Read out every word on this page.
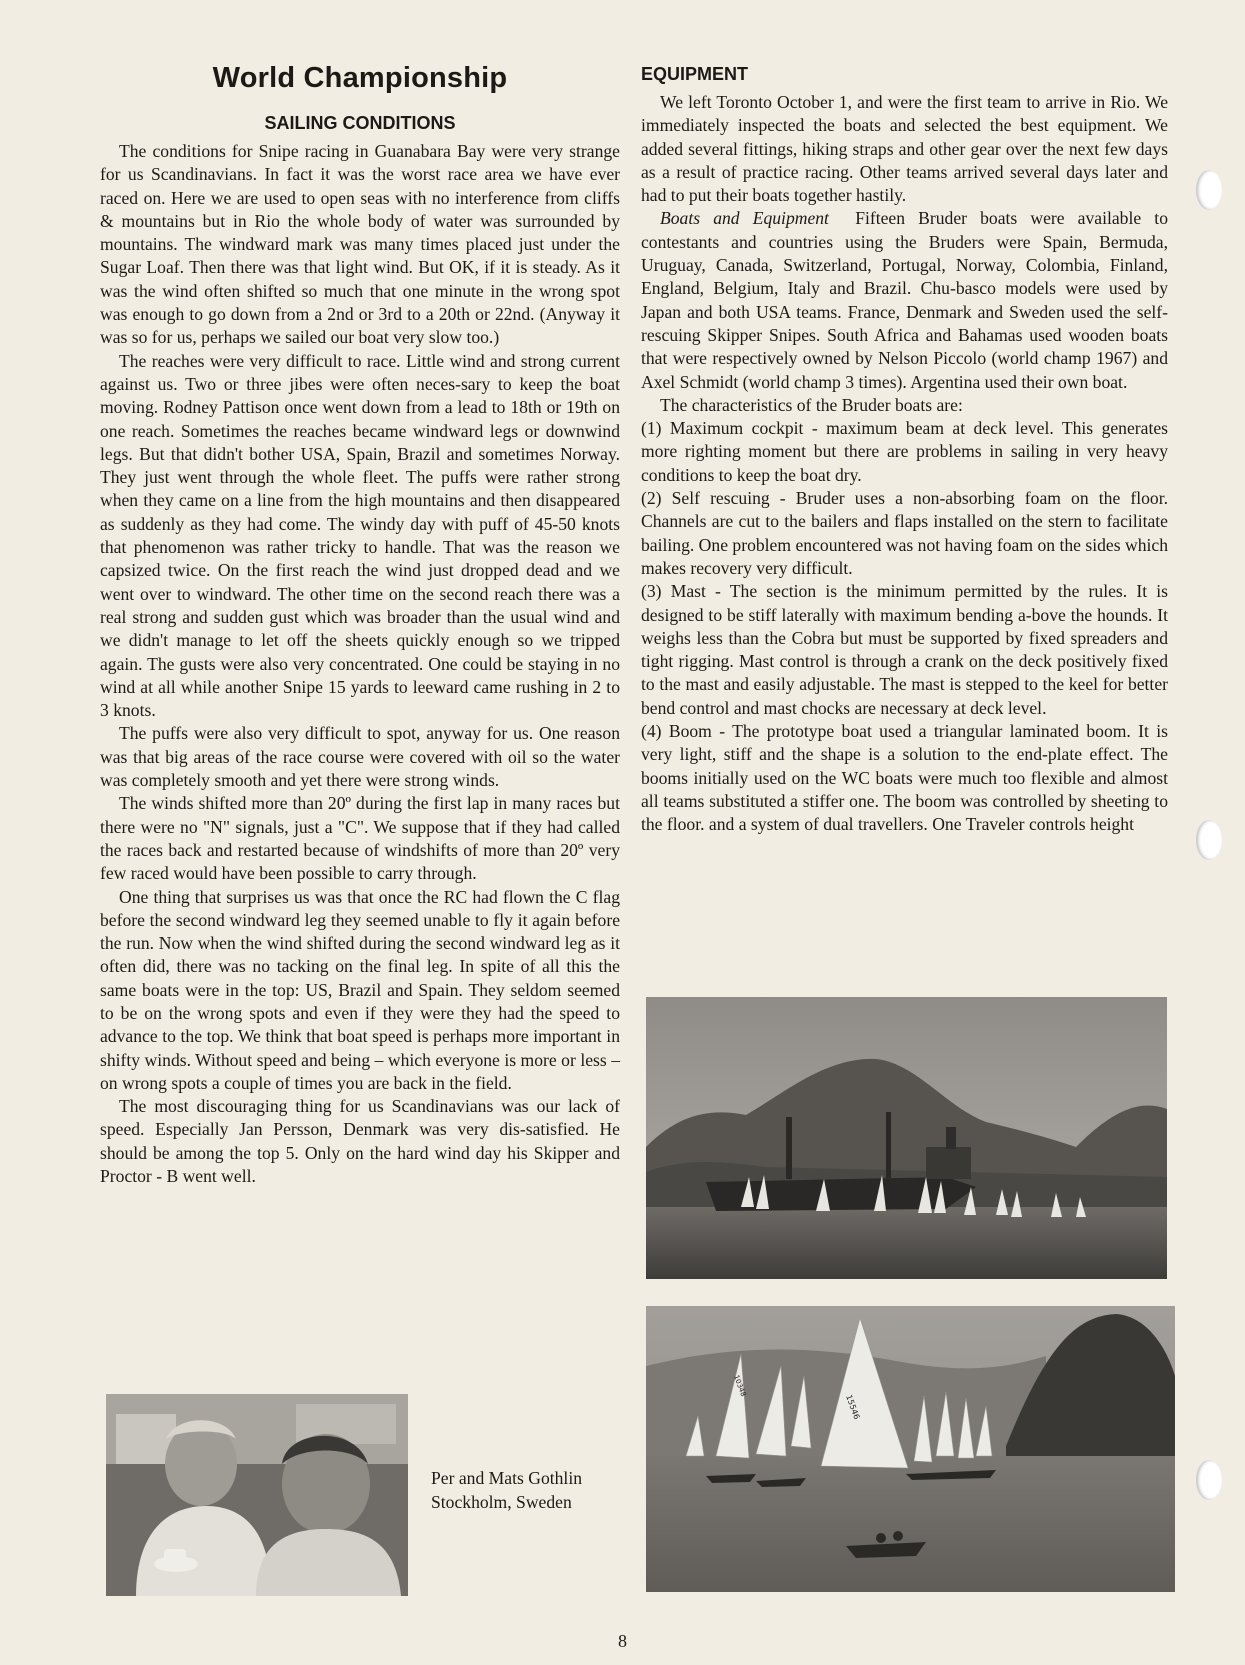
World Championship
SAILING CONDITIONS

The conditions for Snipe racing in Guanabara Bay were very strange for us Scandinavians. In fact it was the worst race area we have ever raced on. Here we are used to open seas with no interference from cliffs & mountains but in Rio the whole body of water was surrounded by mountains. The windward mark was many times placed just under the Sugar Loaf. Then there was that light wind. But OK, if it is steady. As it was the wind often shifted so much that one minute in the wrong spot was enough to go down from a 2nd or 3rd to a 20th or 22nd. (Anyway it was so for us, perhaps we sailed our boat very slow too.)

The reaches were very difficult to race. Little wind and strong current against us. Two or three jibes were often neces-sary to keep the boat moving. Rodney Pattison once went down from a lead to 18th or 19th on one reach. Sometimes the reaches became windward legs or downwind legs. But that didn't bother USA, Spain, Brazil and sometimes Norway. They just went through the whole fleet. The puffs were rather strong when they came on a line from the high mountains and then disappeared as suddenly as they had come. The windy day with puff of 45-50 knots that phenomenon was rather tricky to handle. That was the reason we capsized twice. On the first reach the wind just dropped dead and we went over to windward. The other time on the second reach there was a real strong and sudden gust which was broader than the usual wind and we didn't manage to let off the sheets quickly enough so we tripped again. The gusts were also very concentrated. One could be staying in no wind at all while another Snipe 15 yards to leeward came rushing in 2 to 3 knots.

The puffs were also very difficult to spot, anyway for us. One reason was that big areas of the race course were covered with oil so the water was completely smooth and yet there were strong winds.

The winds shifted more than 20º during the first lap in many races but there were no "N" signals, just a "C". We suppose that if they had called the races back and restarted because of windshifts of more than 20º very few raced would have been possible to carry through.

One thing that surprises us was that once the RC had flown the C flag before the second windward leg they seemed unable to fly it again before the run. Now when the wind shifted during the second windward leg as it often did, there was no tacking on the final leg. In spite of all this the same boats were in the top: US, Brazil and Spain. They seldom seemed to be on the wrong spots and even if they were they had the speed to advance to the top. We think that boat speed is perhaps more important in shifty winds. Without speed and being – which everyone is more or less – on wrong spots a couple of times you are back in the field.

The most discouraging thing for us Scandinavians was our lack of speed. Especially Jan Persson, Denmark was very dis-satisfied. He should be among the top 5. Only on the hard wind day his Skipper and Proctor - B went well.

EQUIPMENT

We left Toronto October 1, and were the first team to arrive in Rio. We immediately inspected the boats and selected the best equipment. We added several fittings, hiking straps and other gear over the next few days as a result of practice racing. Other teams arrived several days later and had to put their boats together hastily.

Boats and Equipment Fifteen Bruder boats were available to contestants and countries using the Bruders were Spain, Bermuda, Uruguay, Canada, Switzerland, Portugal, Norway, Colombia, Finland, England, Belgium, Italy and Brazil. Chu-basco models were used by Japan and both USA teams. France, Denmark and Sweden used the self-rescuing Skipper Snipes. South Africa and Bahamas used wooden boats that were respectively owned by Nelson Piccolo (world champ 1967) and Axel Schmidt (world champ 3 times). Argentina used their own boat.

The characteristics of the Bruder boats are:

(1) Maximum cockpit - maximum beam at deck level. This generates more righting moment but there are problems in sailing in very heavy conditions to keep the boat dry.

(2) Self rescuing - Bruder uses a non-absorbing foam on the floor. Channels are cut to the bailers and flaps installed on the stern to facilitate bailing. One problem encountered was not having foam on the sides which makes recovery very difficult.

(3) Mast - The section is the minimum permitted by the rules. It is designed to be stiff laterally with maximum bending a-bove the hounds. It weighs less than the Cobra but must be supported by fixed spreaders and tight rigging. Mast control is through a crank on the deck positively fixed to the mast and easily adjustable. The mast is stepped to the keel for better bend control and mast chocks are necessary at deck level.

(4) Boom - The prototype boat used a triangular laminated boom. It is very light, stiff and the shape is a solution to the end-plate effect. The booms initially used on the WC boats were much too flexible and almost all teams substituted a stiffer one. The boom was controlled by sheeting to the floor. and a system of dual travellers. One Traveler controls height

15546
10348
Per and Mats Gothlin
Stockholm, Sweden
8
